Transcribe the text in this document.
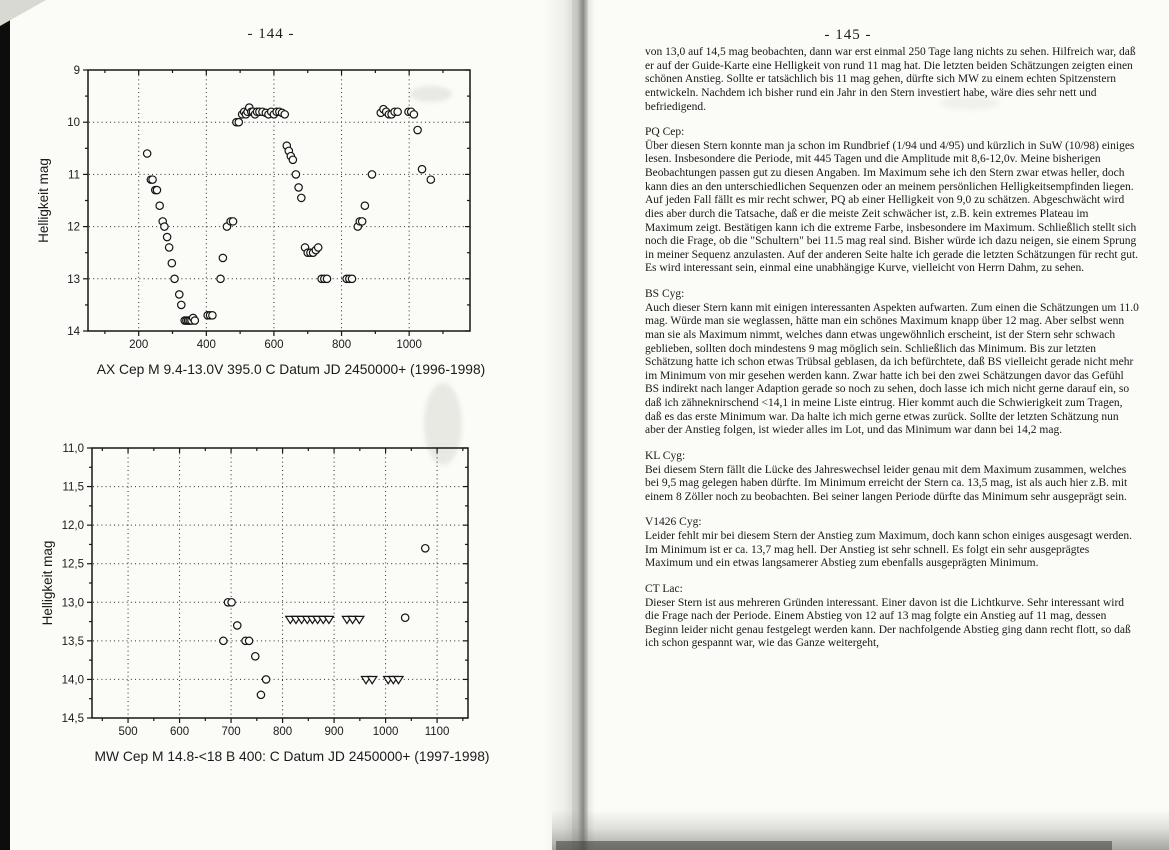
- 144 -	- 145 -
200	400	600	800	1000
9
10
11
12
13
14
Helligkeit mag
AX Cep M 9.4-13.0V 395.0 C Datum JD 2450000+ (1996-1998)
500	600	700	800	900	1000 1100
11,0
11,5
12,0
12,5
13,0
13,5
14,0
14,5
Helligkeit mag
MW Cep M 14.8-<18 B 400: C Datum JD 2450000+ (1997-1998)
von 13,0 auf 14,5 mag beobachten, dann war erst einmal 250 Tage lang nichts zu sehen. Hilfreich war, daß er auf der Guide-Karte eine Helligkeit von rund 11 mag hat. Die letzten beiden Schätzungen zeigten einen schönen Anstieg. Sollte er tatsächlich bis 11 mag gehen, dürfte sich MW zu einem echten Spitzenstern entwickeln. Nachdem ich bisher rund ein Jahr in den Stern investiert habe, wäre dies sehr nett und befriedigend.
PQ Cep:
Über diesen Stern konnte man ja schon im Rundbrief (1/94 und 4/95) und kürzlich in SuW (10/98) einiges lesen. Insbesondere die Periode, mit 445 Tagen und die Amplitude mit 8,6-12,0v. Meine bisherigen Beobachtungen passen gut zu diesen Angaben. Im Maximum sehe ich den Stern zwar etwas heller, doch kann dies an den unterschiedlichen Sequenzen oder an meinem persönlichen Helligkeitsempfinden liegen. Auf jeden Fall fällt es mir recht schwer, PQ ab einer Helligkeit von 9,0 zu schätzen. Abgeschwächt wird dies aber durch die Tatsache, daß er die meiste Zeit schwächer ist, z.B. kein extremes Plateau im Maximum zeigt. Bestätigen kann ich die extreme Farbe, insbesondere im Maximum. Schließlich stellt sich noch die Frage, ob die "Schultern" bei 11.5 mag real sind. Bisher würde ich dazu neigen, sie einem Sprung in meiner Sequenz anzulasten. Auf der anderen Seite halte ich gerade die letzten Schätzungen für recht gut. Es wird interessant sein, einmal eine unabhängige Kurve, vielleicht von Herrn Dahm, zu sehen.
BS Cyg:
Auch dieser Stern kann mit einigen interessanten Aspekten aufwarten. Zum einen die Schätzungen um 11.0 mag. Würde man sie weglassen, hätte man ein schönes Maximum knapp über 12 mag. Aber selbst wenn man sie als Maximum nimmt, welches dann etwas ungewöhnlich erscheint, ist der Stern sehr schwach geblieben, sollten doch mindestens 9 mag möglich sein. Schließlich das Minimum. Bis zur letzten Schätzung hatte ich schon etwas Trübsal geblasen, da ich befürchtete, daß BS vielleicht gerade nicht mehr im Minimum von mir gesehen werden kann. Zwar hatte ich bei den zwei Schätzungen davor das Gefühl BS indirekt nach langer Adaption gerade so noch zu sehen, doch lasse ich mich nicht gerne darauf ein, so daß ich zähneknirschend <14,1 in meine Liste eintrug. Hier kommt auch die Schwierigkeit zum Tragen, daß es das erste Minimum war. Da halte ich mich gerne etwas zurück. Sollte der letzten Schätzung nun aber der Anstieg folgen, ist wieder alles im Lot, und das Minimum war dann bei 14,2 mag.
KL Cyg:
Bei diesem Stern fällt die Lücke des Jahreswechsel leider genau mit dem Maximum zusammen, welches bei 9,5 mag gelegen haben dürfte. Im Minimum erreicht der Stern ca. 13,5 mag, ist als auch hier z.B. mit einem 8 Zöller noch zu beobachten. Bei seiner langen Periode dürfte das Minimum sehr ausgeprägt sein.
V1426 Cyg:
Leider fehlt mir bei diesem Stern der Anstieg zum Maximum, doch kann schon einiges ausgesagt werden. Im Minimum ist er ca. 13,7 mag hell. Der Anstieg ist sehr schnell. Es folgt ein sehr ausgeprägtes Maximum und ein etwas langsamerer Abstieg zum ebenfalls ausgeprägten Minimum.
CT Lac:
Dieser Stern ist aus mehreren Gründen interessant. Einer davon ist die Lichtkurve. Sehr interessant wird die Frage nach der Periode. Einem Abstieg von 12 auf 13 mag folgte ein Anstieg auf 11 mag, dessen Beginn leider nicht genau festgelegt werden kann. Der nachfolgende Abstieg ging dann recht flott, so daß ich schon gespannt war, wie das Ganze weitergeht,
